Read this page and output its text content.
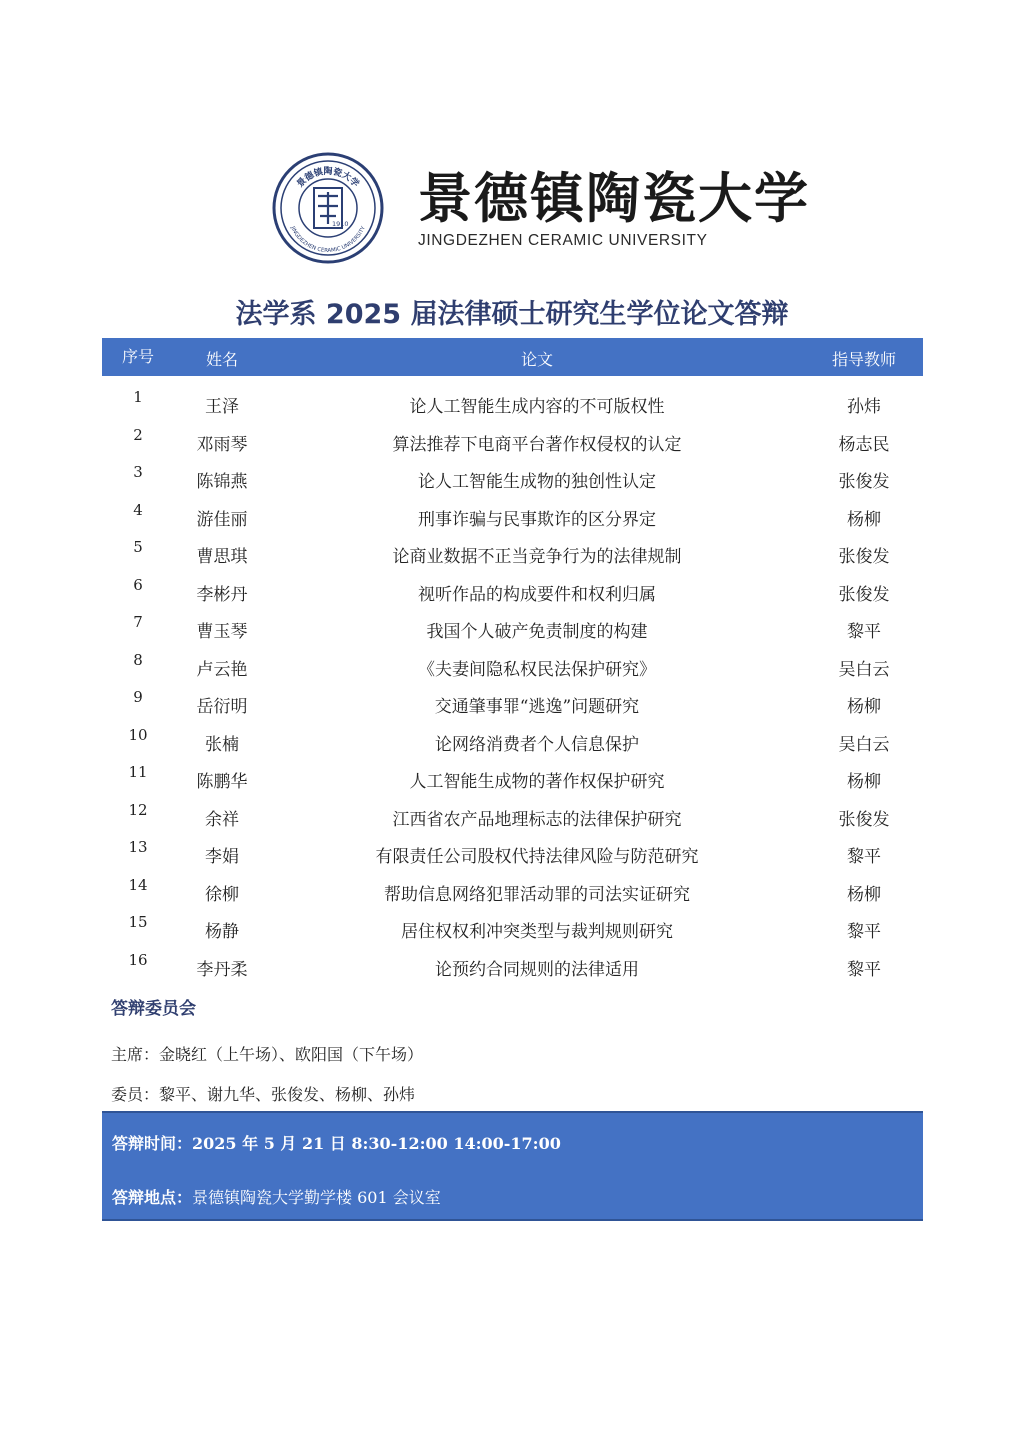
景德镇陶瓷大学
JINGDEZHEN CERAMIC UNIVERSITY
1910 景德镇陶瓷大学
JINGDEZHEN CERAMIC UNIVERSITY
法学系 2025 届法律硕士研究生学位论文答辩
序号	姓名	论文	指导教师
1	王泽	论人工智能生成内容的不可版权性	孙炜
2	邓雨琴	算法推荐下电商平台著作权侵权的认定	杨志民
3	陈锦燕	论人工智能生成物的独创性认定	张俊发
4	游佳丽	刑事诈骗与民事欺诈的区分界定	杨柳
5	曹思琪	论商业数据不正当竞争行为的法律规制	张俊发
6	李彬丹	视听作品的构成要件和权利归属	张俊发
7	曹玉琴	我国个人破产免责制度的构建	黎平
8	卢云艳	《夫妻间隐私权民法保护研究》	吴白云
9	岳衍明	交通肇事罪“逃逸”问题研究	杨柳
10	张楠	论网络消费者个人信息保护	吴白云
11	陈鹏华	人工智能生成物的著作权保护研究	杨柳
12	余祥	江西省农产品地理标志的法律保护研究	张俊发
13	李娟	有限责任公司股权代持法律风险与防范研究	黎平
14	徐柳	帮助信息网络犯罪活动罪的司法实证研究	杨柳
15	杨静	居住权权利冲突类型与裁判规则研究	黎平
16	李丹柔	论预约合同规则的法律适用	黎平
答辩委员会
主席：金晓红（上午场）、欧阳国（下午场）
委员：黎平、谢九华、张俊发、杨柳、孙炜
答辩时间：2025 年 5 月 21 日 8:30-12:00 14:00-17:00
答辩地点：景德镇陶瓷大学勤学楼 601 会议室
